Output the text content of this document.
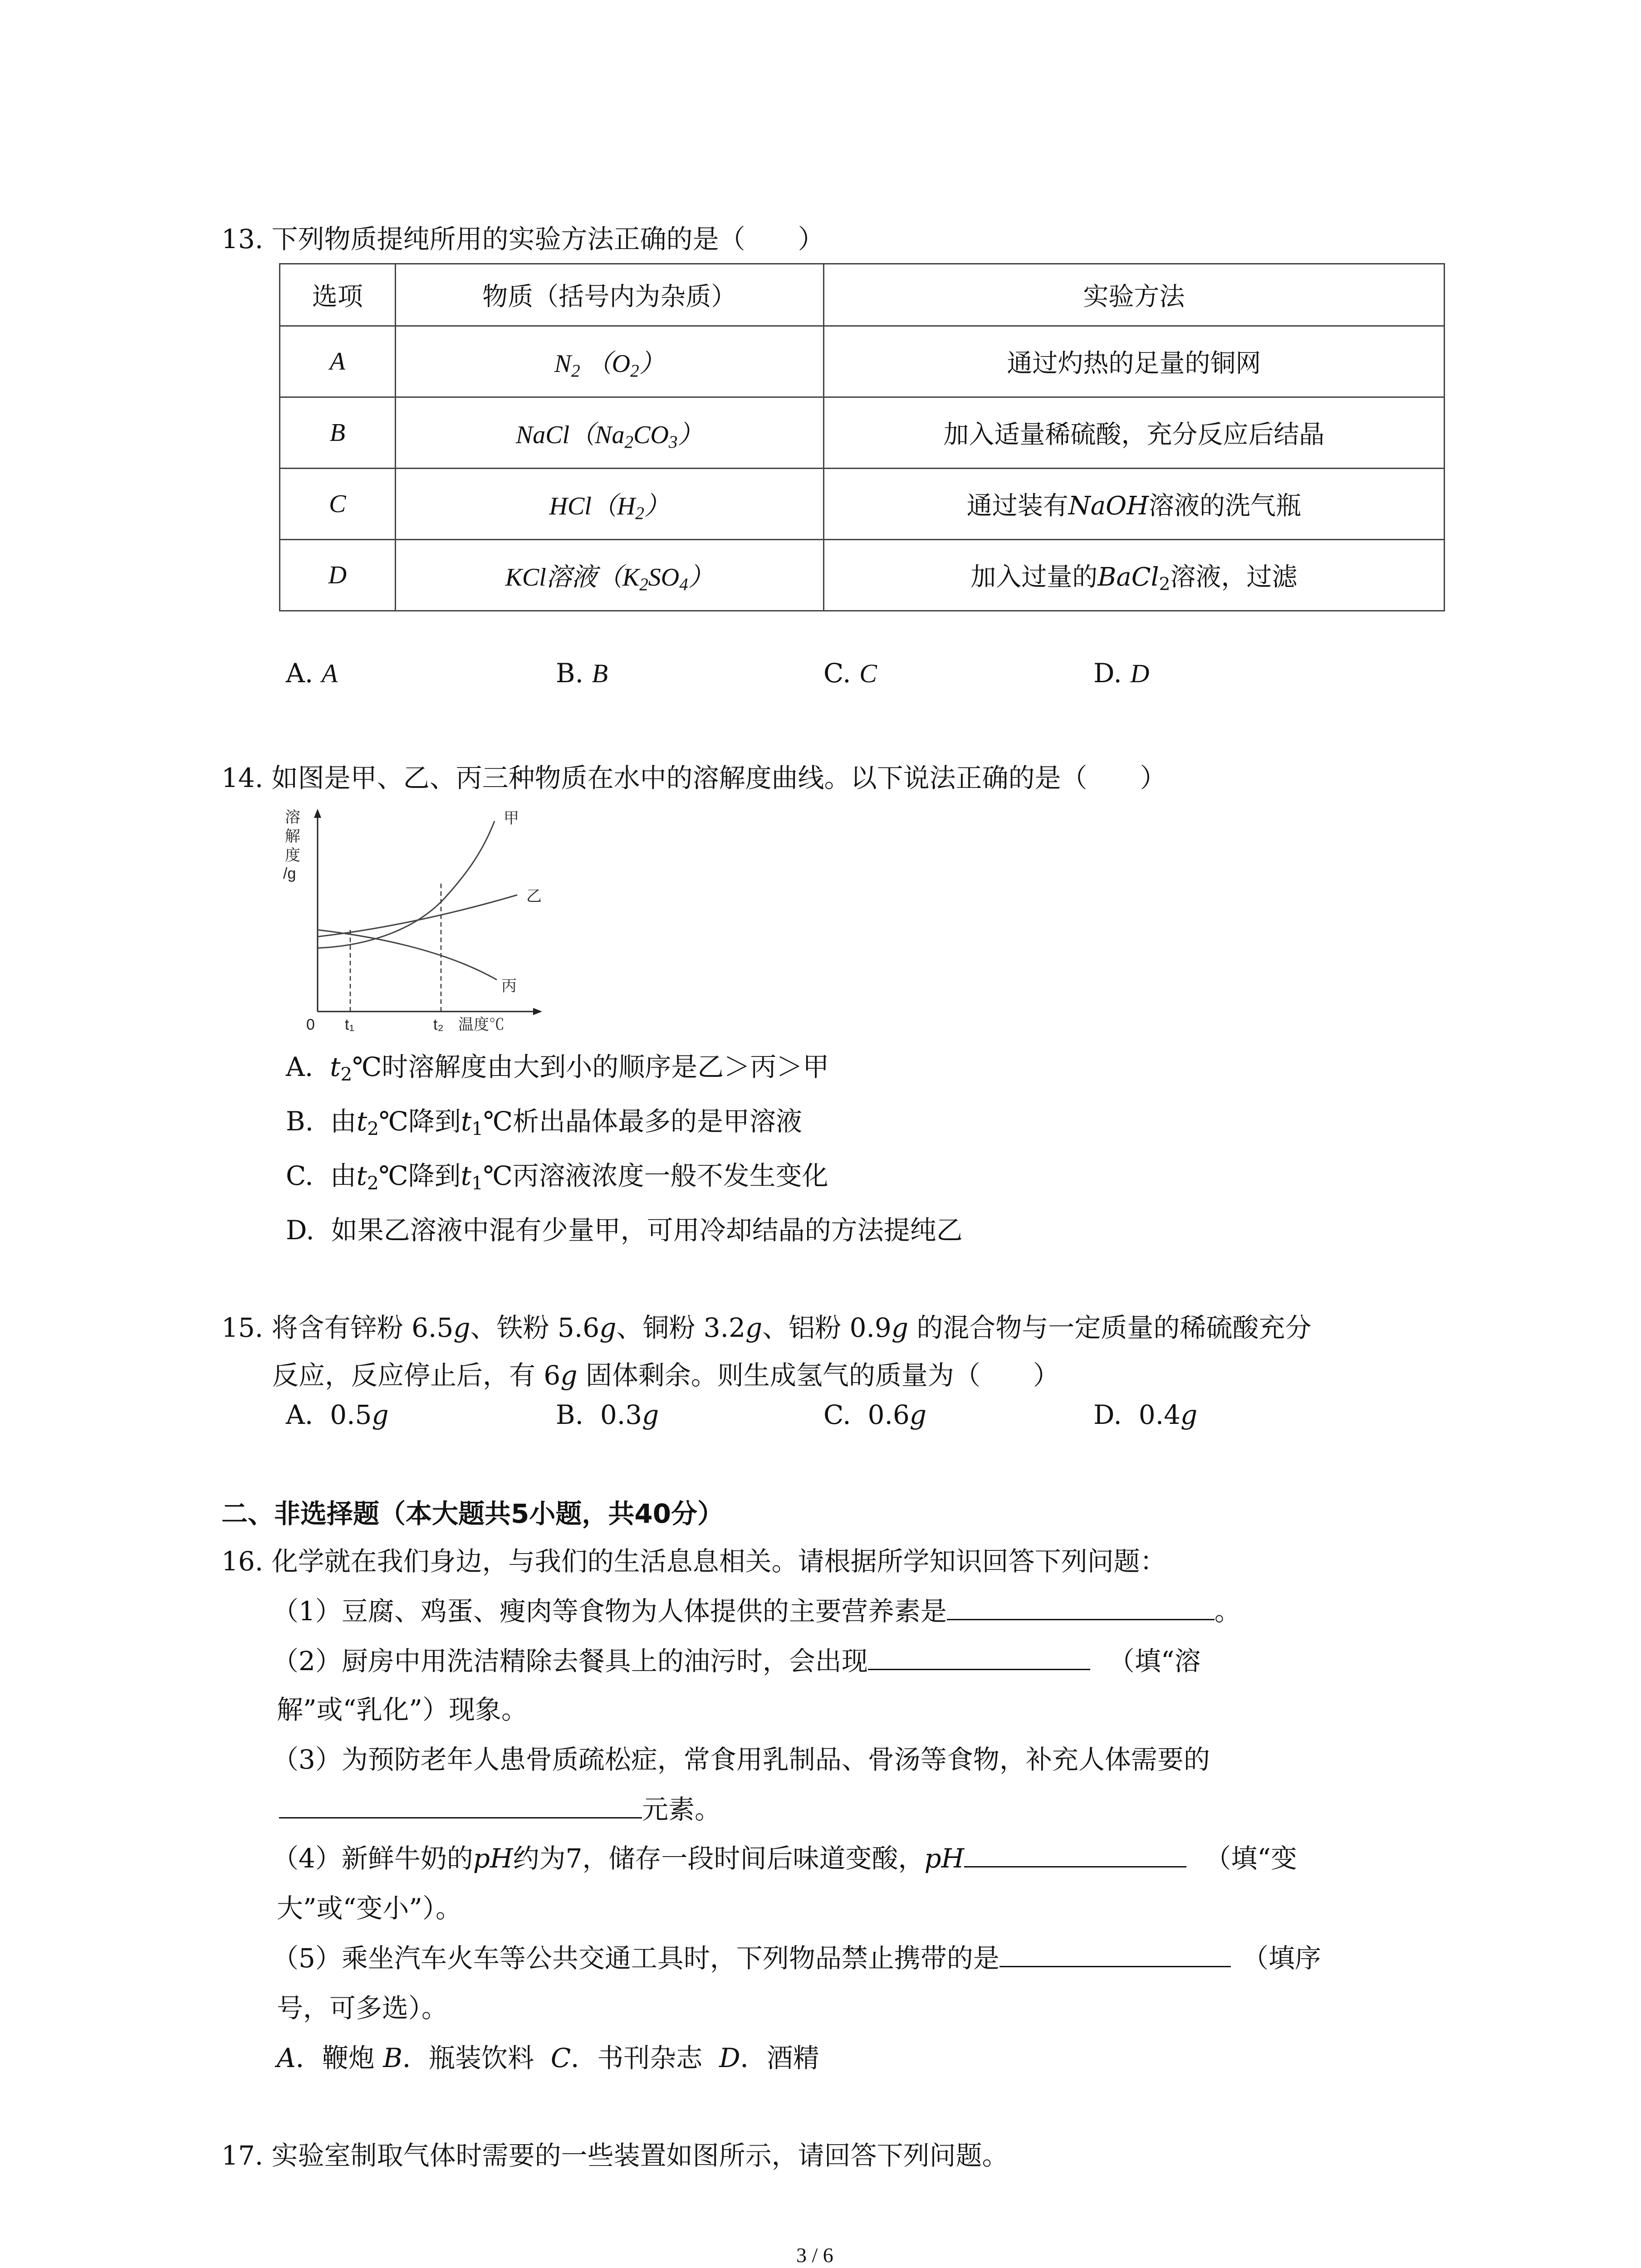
13. 下列物质提纯所用的实验方法正确的是（　　）
选项	物质（括号内为杂质）	实验方法
A	$N_2$ $(O_2)$	通过灼热的足量的铜网
B	$NaCl(Na_2CO_3)$	加入适量稀硫酸，充分反应后结晶
C	$HCl(H_2)$	通过装有NaOH溶液的洗气瓶
D	KCl溶液$(K_2SO_4)$	加入过量的BaCl$_2$溶液，过滤
A. A	B. B	C. C	D. D
14. 如图是甲、乙、丙三种物质在水中的溶解度曲线。以下说法正确的是（　　）
溶
解
度
/g
0 t₁	t₂ 温度℃
甲
乙
丙
A.  $t_2℃$时溶解度由大到小的顺序是乙＞丙＞甲
B.  由$t_2℃$降到$t_1℃$析出晶体最多的是甲溶液
C.  由$t_2℃$降到$t_1℃$丙溶液浓度一般不发生变化
D.  如果乙溶液中混有少量甲，可用冷却结晶的方法提纯乙
15. 将含有锌粉 6.5g、铁粉 5.6g、铜粉 3.2g、铝粉 0.9g 的混合物与一定质量的稀硫酸充分
反应，反应停止后，有 6g 固体剩余。则生成氢气的质量为（　　）
A.  0.5g	B.  0.3g	C.  0.6g	D.  0.4g
二、非选择题（本大题共5小题，共40分）
16. 化学就在我们身边，与我们的生活息息相关。请根据所学知识回答下列问题：
（1）豆腐、鸡蛋、瘦肉等食物为人体提供的主要营养素是	。
（2）厨房中用洗洁精除去餐具上的油污时，会出现	（填“溶
解”或“乳化”）现象。
（3）为预防老年人患骨质疏松症，常食用乳制品、骨汤等食物，补充人体需要的
元素。
（4）新鲜牛奶的pH约为7，储存一段时间后味道变酸，pH	（填“变
大”或“变小”）。
（5）乘坐汽车火车等公共交通工具时，下列物品禁止携带的是	（填序
号，可多选）。
A．鞭炮 B．瓶装饮料  C．书刊杂志  D．酒精
17. 实验室制取气体时需要的一些装置如图所示，请回答下列问题。
3 / 6
